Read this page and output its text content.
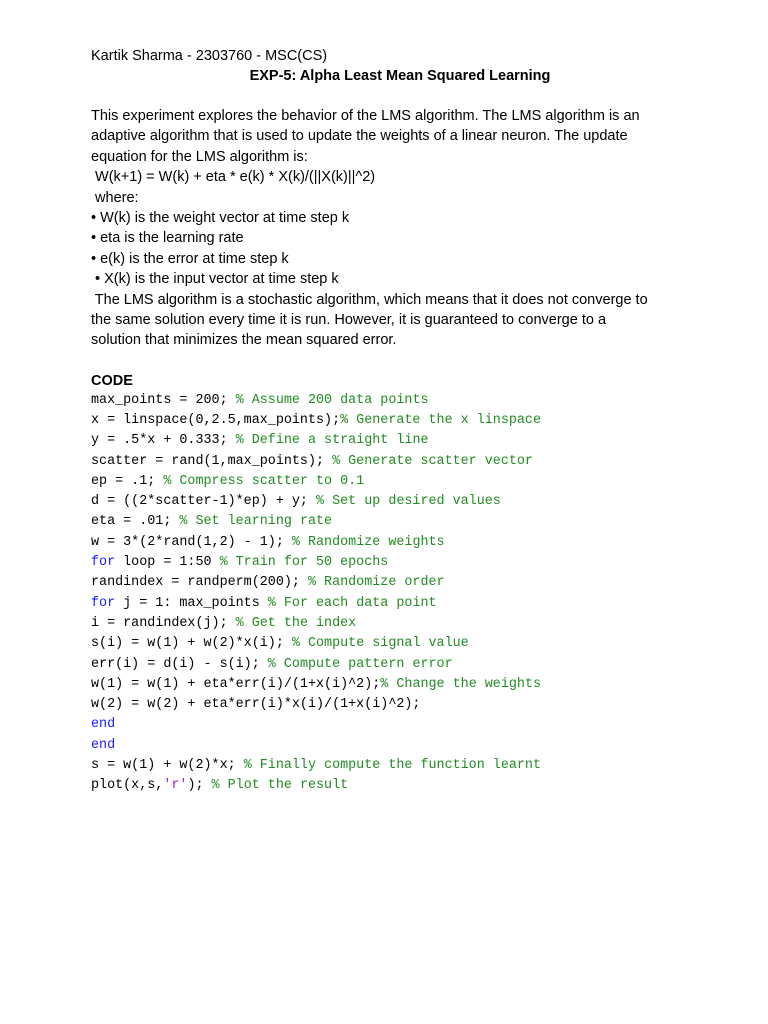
Kartik Sharma - 2303760 - MSC(CS)

EXP-5: Alpha Least Mean Squared Learning

This experiment explores the behavior of the LMS algorithm. The LMS algorithm is an

adaptive algorithm that is used to update the weights of a linear neuron. The update

equation for the LMS algorithm is:

W(k+1) = W(k) + eta * e(k) * X(k)/(||X(k)||^2)

where:

• W(k) is the weight vector at time step k

• eta is the learning rate

• e(k) is the error at time step k

• X(k) is the input vector at time step k

The LMS algorithm is a stochastic algorithm, which means that it does not converge to

the same solution every time it is run. However, it is guaranteed to converge to a

solution that minimizes the mean squared error.

CODE

max_points = 200; % Assume 200 data points
x = linspace(0,2.5,max_points);% Generate the x linspace
y = .5*x + 0.333; % Define a straight line
scatter = rand(1,max_points); % Generate scatter vector
ep = .1; % Compress scatter to 0.1
d = ((2*scatter-1)*ep) + y; % Set up desired values
eta = .01; % Set learning rate
w = 3*(2*rand(1,2) - 1); % Randomize weights
for loop = 1:50 % Train for 50 epochs
randindex = randperm(200); % Randomize order
for j = 1: max_points % For each data point
i = randindex(j); % Get the index
s(i) = w(1) + w(2)*x(i); % Compute signal value
err(i) = d(i) - s(i); % Compute pattern error
w(1) = w(1) + eta*err(i)/(1+x(i)^2);% Change the weights
w(2) = w(2) + eta*err(i)*x(i)/(1+x(i)^2);
end
end
s = w(1) + w(2)*x; % Finally compute the function learnt
plot(x,s,'r'); % Plot the result
